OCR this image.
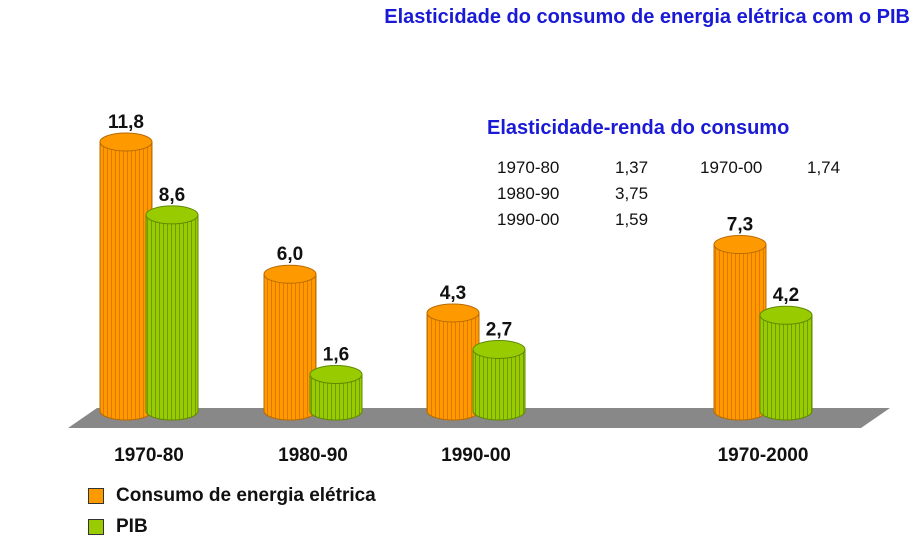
Elasticidade do consumo de energia elétrica com o PIB
11,8
8,6
1970-80
6,0
1,6
1980-90
4,3
2,7
1990-00
7,3
4,2
1970-2000
Elasticidade-renda do consumo
1970-80	1,37	1970-00	1,74
1980-90	3,75
1990-00	1,59
Consumo de energia elétrica
PIB
